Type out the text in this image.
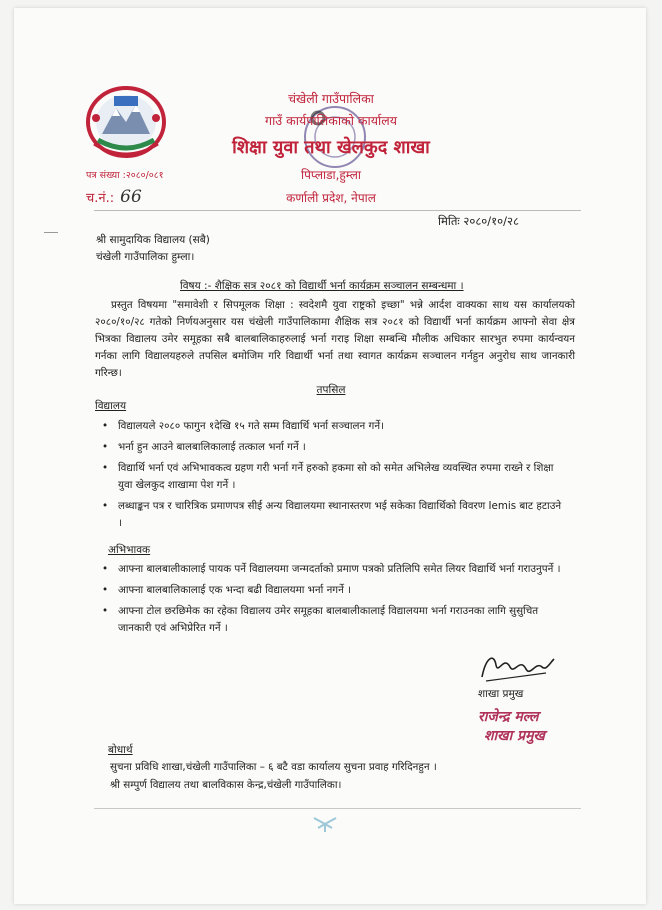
चंखेली गाउँपालिका
गाउँ कार्यपालिकाको कार्यालय
शिक्षा युवा तथा खेलकुद शाखा
पिप्लाडा,हुम्ला
कर्णाली प्रदेश, नेपाल
पत्र संख्या :२०८०/०८१
च.नं.: 66
मितिः २०८०/१०/२८
श्री सामुदायिक विद्यालय (सबै)
चंखेली गाउँपालिका हुम्ला।
विषय :- शैक्षिक सत्र २०८१ को विद्यार्थी भर्ना कार्यक्रम सञ्चालन सम्बन्धमा ।
प्रस्तुत विषयमा "समावेशी र सिपमूलक शिक्षा : स्वदेशमै युवा राष्ट्रको इच्छा" भन्ने आर्दश वाक्यका साथ यस कार्यालयको २०८०/१०/२८ गतेको निर्णयअनुसार यस चंखेली गाउँपालिकामा शैक्षिक सत्र २०८१ को विद्यार्थी भर्ना कार्यक्रम आफ्नो सेवा क्षेत्र भित्रका विद्यालय उमेर समूहका सबै बालबालिकाहरुलाई भर्ना गराइ शिक्षा सम्बन्धि मौलीक अधिकार सारभुत रुपमा कार्यन्वयन गर्नका लागि विद्यालयहरुले तपसिल बमोजिम गरि विद्यार्थी भर्ना तथा स्वागत कार्यक्रम सञ्चालन गर्नहुन अनुरोध साथ जानकारी गरिन्छ।
तपसिल
विद्यालय
• विद्यालयले २०८० फागुन १देखि १५ गते सम्म विद्यार्थि भर्ना सञ्चालन गर्ने।
• भर्ना हुन आउने बालबालिकालाई तत्काल भर्ना गर्ने ।
• विद्यार्थि भर्ना एवं अभिभावकत्व ग्रहण गरी भर्ना गर्ने हरुको हकमा सो को समेत अभिलेख व्यवस्थित रुपमा राख्ने र शिक्षा युवा खेलकुद शाखामा पेश गर्ने ।
• लब्धाङ्कन पत्र र चारित्रिक प्रमाणपत्र सीई अन्य विद्यालयमा स्थानास्तरण भई सकेका विद्यार्थिको विवरण Iemis बाट हटाउने ।
अभिभावक
• आफ्ना बालबालीकालाई पायक पर्ने विद्यालयमा जन्मदर्ताको प्रमाण पत्रको प्रतिलिपि समेत लियर विद्यार्थि भर्ना गराउनुपर्ने ।
• आफ्ना बालबालिकालाई एक भन्दा बढी विद्यालयमा भर्ना नगर्ने ।
• आफ्ना टोल छरछिमेक का रहेका विद्यालय उमेर समूहका बालबालीकालाई विद्यालयमा भर्ना गराउनका लागि सुसुचित जानकारी एवं अभिप्रेरित गर्ने ।
शाखा प्रमुख
राजेन्द्र मल्ल
शाखा प्रमुख
बोधार्थ
सुचना प्रविधि शाखा,चंखेली गाउँपालिका – ६ बटै वडा कार्यालय सुचना प्रवाह गरिदिनहुन ।
श्री सम्पुर्ण विद्यालय तथा बालविकास केन्द्र,चंखेली गाउँपालिका।
